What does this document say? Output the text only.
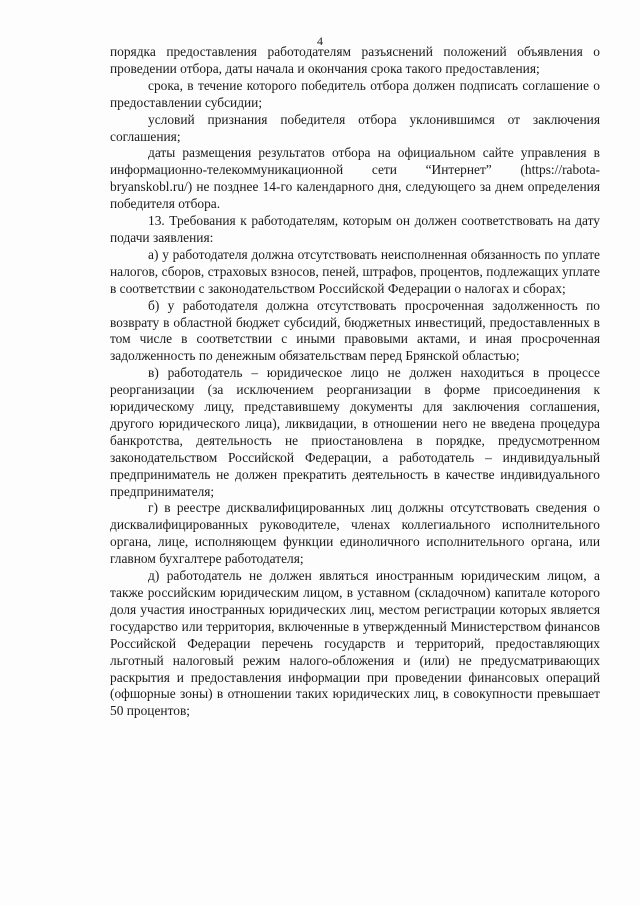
4

порядка предоставления работодателям разъяснений положений объявления о проведении отбора, даты начала и окончания срока такого предоставления;

срока, в течение которого победитель отбора должен подписать соглашение о предоставлении субсидии;

условий признания победителя отбора уклонившимся от заключения соглашения;

даты размещения результатов отбора на официальном сайте управления в информационно-телекоммуникационной сети “Интернет” (https://rabota-bryanskobl.ru/) не позднее 14-го календарного дня, следующего за днем определения победителя отбора.

13. Требования к работодателям, которым он должен соответствовать на дату подачи заявления:

а) у работодателя должна отсутствовать неисполненная обязанность по уплате налогов, сборов, страховых взносов, пеней, штрафов, процентов, подлежащих уплате в соответствии с законодательством Российской Федерации о налогах и сборах;

б) у работодателя должна отсутствовать просроченная задолженность по возврату в областной бюджет субсидий, бюджетных инвестиций, предоставленных в том числе в соответствии с иными правовыми актами, и иная просроченная задолженность по денежным обязательствам перед Брянской областью;

в) работодатель – юридическое лицо не должен находиться в процессе реорганизации (за исключением реорганизации в форме присоединения к юридическому лицу, представившему документы для заключения соглашения, другого юридического лица), ликвидации, в отношении него не введена процедура банкротства, деятельность не приостановлена в порядке, предусмотренном законодательством Российской Федерации, а работодатель – индивидуальный предприниматель не должен прекратить деятельность в качестве индивидуального предпринимателя;

г) в реестре дисквалифицированных лиц должны отсутствовать сведения о дисквалифицированных руководителе, членах коллегиального исполнительного органа, лице, исполняющем функции единоличного исполнительного органа, или главном бухгалтере работодателя;

д) работодатель не должен являться иностранным юридическим лицом, а также российским юридическим лицом, в уставном (складочном) капитале которого доля участия иностранных юридических лиц, местом регистрации которых является государство или территория, включенные в утвержденный Министерством финансов Российской Федерации перечень государств и территорий, предоставляющих льготный налоговый режим налого-обложения и (или) не предусматривающих раскрытия и предоставления информации при проведении финансовых операций (офшорные зоны) в отношении таких юридических лиц, в совокупности превышает 50 процентов;
